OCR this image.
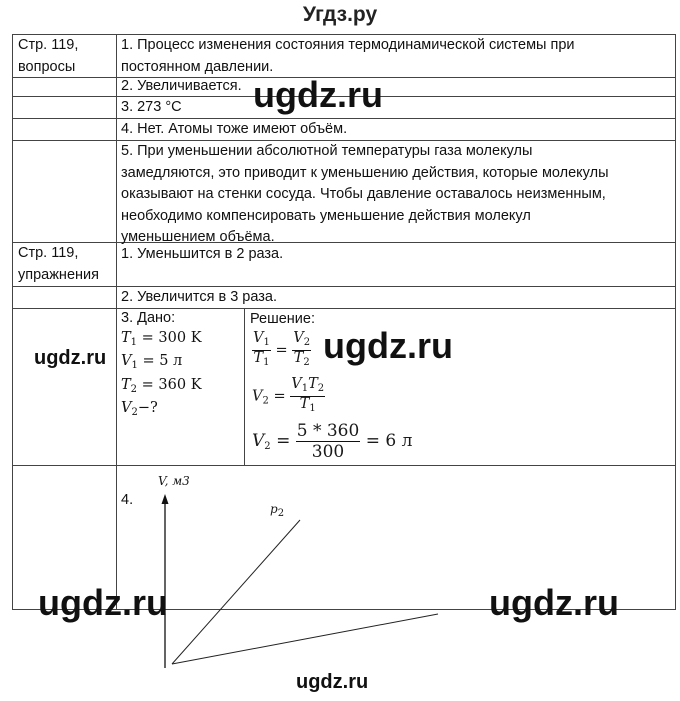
Угдз.ру
Стр. 119,
вопросы
1. Процесс изменения состояния термодинамической системы при
постоянном давлении.
2. Увеличивается.
3. 273 °C
4. Нет. Атомы тоже имеют объём.
5. При уменьшении абсолютной температуры газа молекулы
замедляются, это приводит к уменьшению действия, которые молекулы
оказывают на стенки сосуда. Чтобы давление оставалось неизменным,
необходимо компенсировать уменьшение действия молекул
уменьшением объёма.
Стр. 119,
упражнения
1. Уменьшится в 2 раза.
2. Увеличится в 3 раза.
3. Дано:
$T_1 = 300$ K
$V_1 = 5$ л
$T_2 = 360$ K
$V_2-$?
Решение:
$\frac{V_1}{T_1} = \frac{V_2}{T_2}$
$V_2 = \frac{V_1T_2}{T_1}$
$V_2 = \frac{5 * 360}{300} = 6$ л
4.
V, м3
$p_2$
ugdz.ru
ugdz.ru	ugdz.ru
ugdz.ru	ugdz.ru
ugdz.ru
